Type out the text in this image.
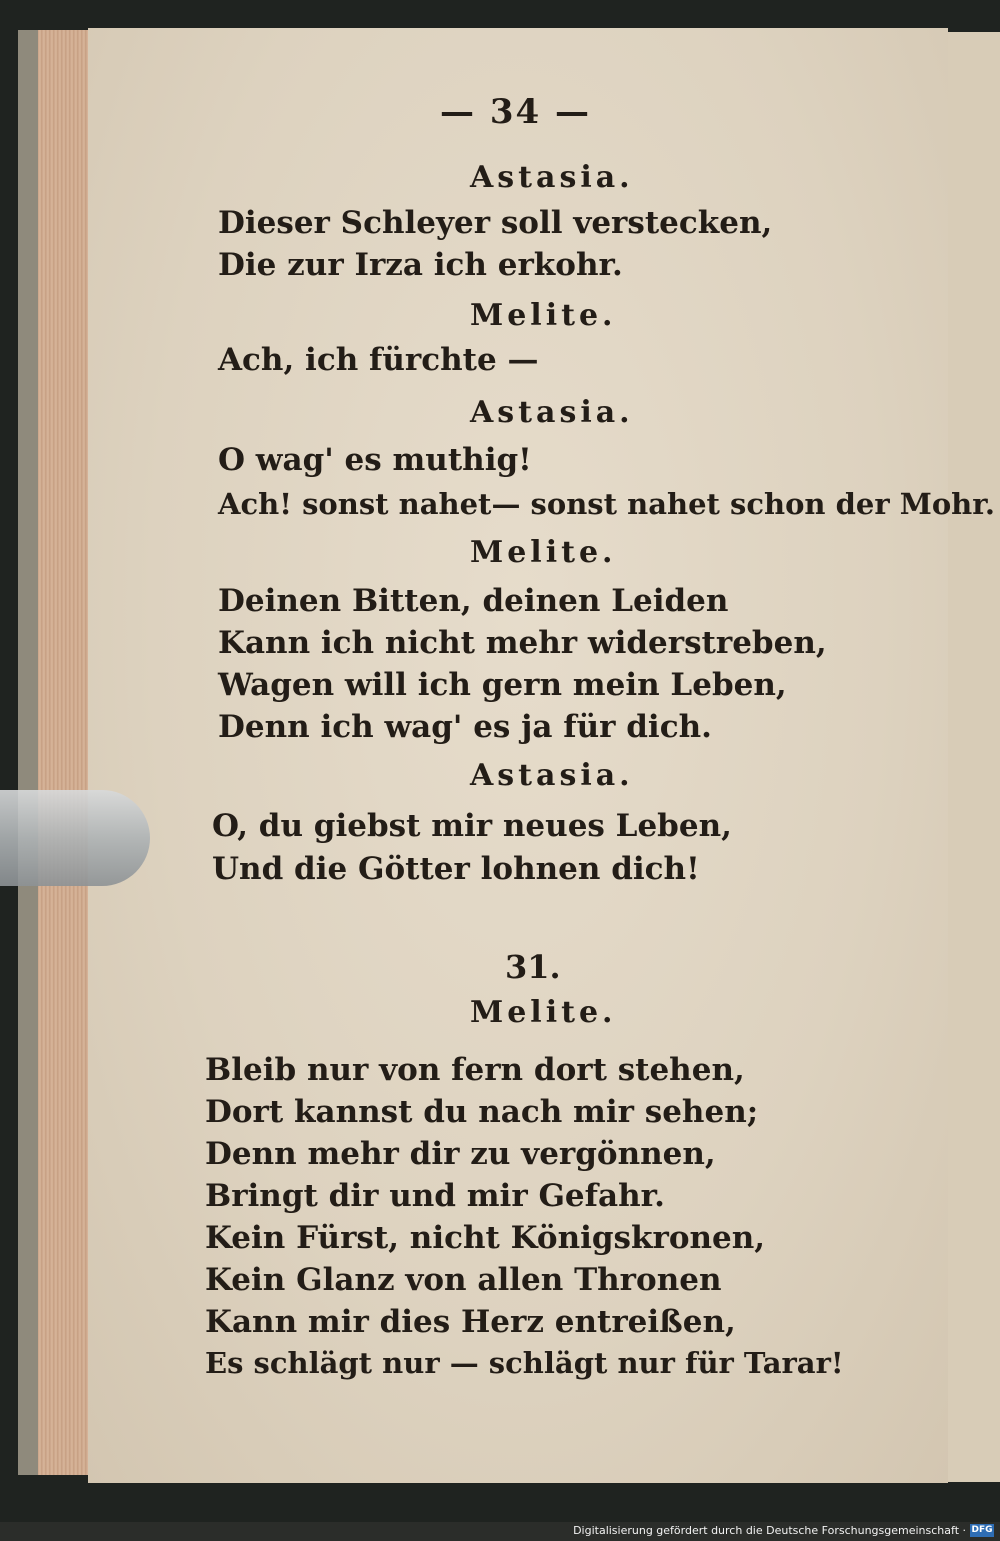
— 34 —

Astasia.

Dieser Schleyer soll verstecken,

Die zur Irza ich erkohr.

Melite.

Ach, ich fürchte —

Astasia.

O wag' es muthig!

Ach! sonst nahet— sonst nahet schon der Mohr.

Melite.

Deinen Bitten, deinen Leiden

Kann ich nicht mehr widerstreben,

Wagen will ich gern mein Leben,

Denn ich wag' es ja für dich.

Astasia.

O, du giebst mir neues Leben,

Und die Götter lohnen dich!

31.

Melite.

Bleib nur von fern dort stehen,

Dort kannst du nach mir sehen;

Denn mehr dir zu vergönnen,

Bringt dir und mir Gefahr.

Kein Fürst, nicht Königskronen,

Kein Glanz von allen Thronen

Kann mir dies Herz entreißen,

Es schlägt nur — schlägt nur für Tarar!

Digitalisierung gefördert durch die Deutsche Forschungsgemeinschaft · DFG
